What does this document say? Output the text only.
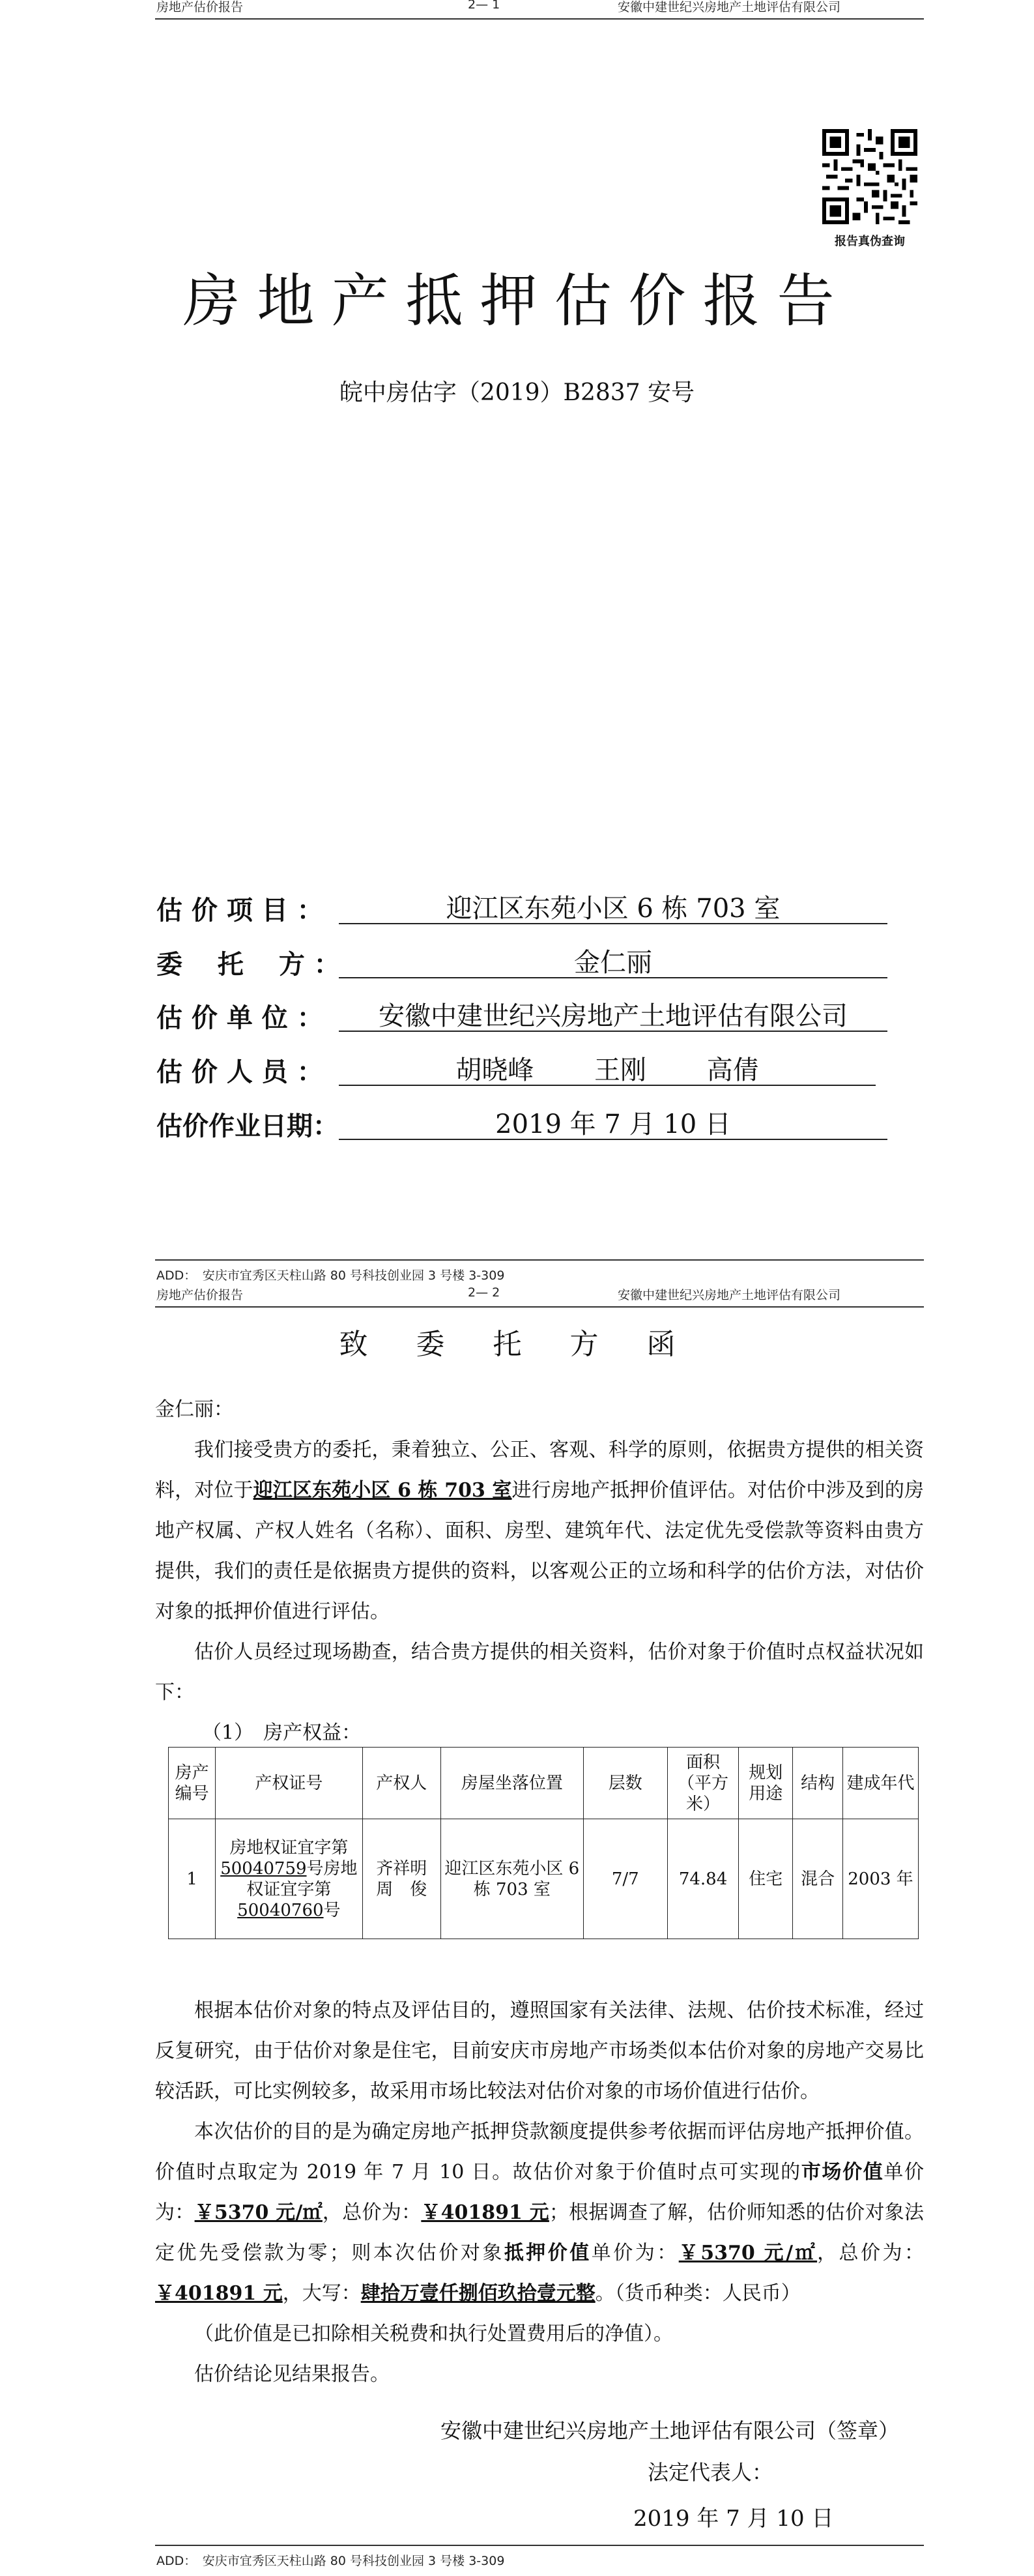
房地产估价报告	2— 1	安徽中建世纪兴房地产土地评估有限公司
报告真伪查询
房地产抵押估价报告
皖中房估字（2019）B2837 安号
估 价 项 目 ：	迎江区东苑小区 6 栋 703 室
委　 托　 方 ：	金仁丽
估 价 单 位 ：	安徽中建世纪兴房地产土地评估有限公司
估 价 人 员 ：	胡晓峰　　 王刚　　 高倩
估价作业日期：	2019 年 7 月 10 日
ADD：　安庆市宜秀区天柱山路 80 号科技创业园 3 号楼 3-309
房地产估价报告	2— 2	安徽中建世纪兴房地产土地评估有限公司
致 委 托 方 函

金仁丽：

我们接受贵方的委托，秉着独立、公正、客观、科学的原则，依据贵方提供的相关资料，对位于迎江区东苑小区 6 栋 703 室进行房地产抵押价值评估。对估价中涉及到的房地产权属、产权人姓名（名称）、面积、房型、建筑年代、法定优先受偿款等资料由贵方提供，我们的责任是依据贵方提供的资料，以客观公正的立场和科学的估价方法，对估价对象的抵押价值进行评估。

估价人员经过现场勘查，结合贵方提供的相关资料，估价对象于价值时点权益状况如下：

（1）　房产权益：

房产编号	产权证号	产权人	房屋坐落位置	层数	面积（平方米）	规划用途	结构	建成年代
1	房地权证宜字第50040759号房地权证宜字第50040760号	齐祥明　周　俊	迎江区东苑小区 6 栋 703 室	7/7	74.84	住宅	混合	2003 年

根据本估价对象的特点及评估目的，遵照国家有关法律、法规、估价技术标准，经过反复研究，由于估价对象是住宅，目前安庆市房地产市场类似本估价对象的房地产交易比较活跃，可比实例较多，故采用市场比较法对估价对象的市场价值进行估价。

本次估价的目的是为确定房地产抵押贷款额度提供参考依据而评估房地产抵押价值。价值时点取定为 2019 年 7 月 10 日。故估价对象于价值时点可实现的市场价值单价为：￥5370 元/㎡，总价为：￥401891 元；根据调查了解，估价师知悉的估价对象法定优先受偿款为零；则本次估价对象抵押价值单价为：￥5370 元/㎡，总价为：￥401891 元，大写：肆拾万壹仟捌佰玖拾壹元整。（货币种类：人民币）

（此价值是已扣除相关税费和执行处置费用后的净值）。

估价结论见结果报告。

安徽中建世纪兴房地产土地评估有限公司（签章）
法定代表人：
2019 年 7 月 10 日
ADD：　安庆市宜秀区天柱山路 80 号科技创业园 3 号楼 3-309
